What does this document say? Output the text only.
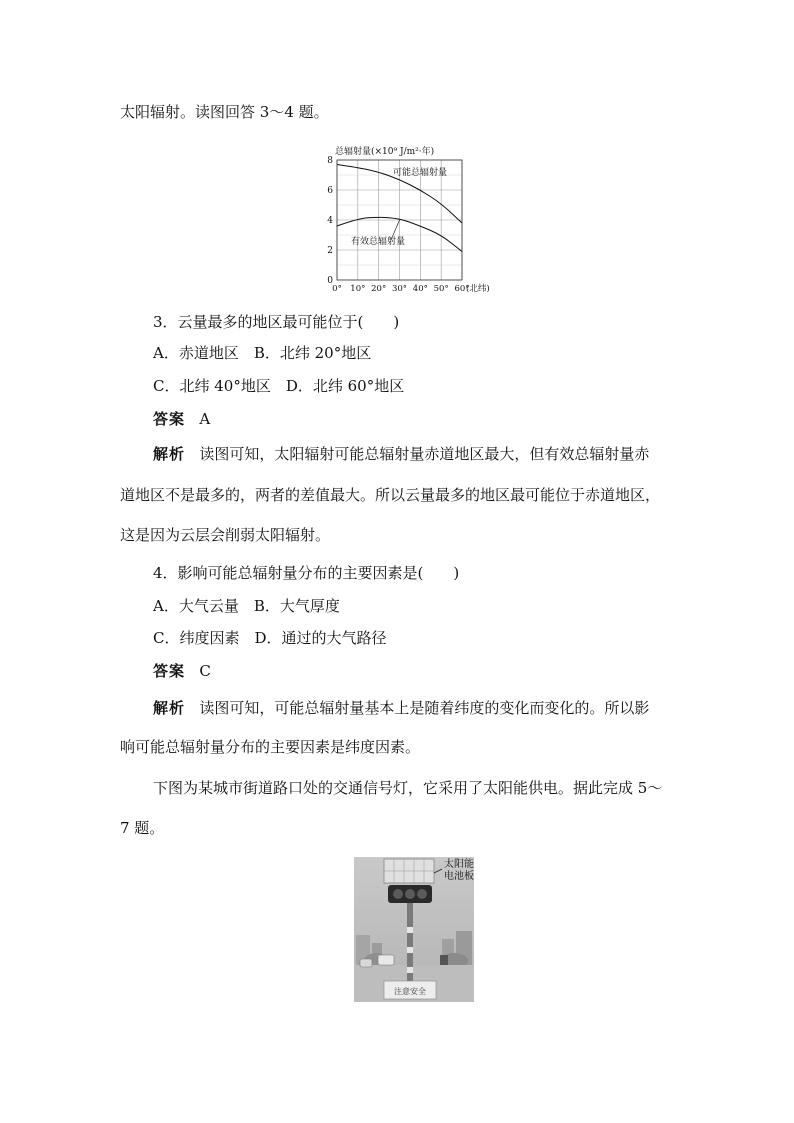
太阳辐射。读图回答 3～4 题。
可能总辐射量
有效总辐射量
0
2
4
6
8
0° 10° 20° 30° 40° 50° 60°
(北纬)
总辐射量(×10⁹ J/m²·年)
3．云量最多的地区最可能位于(　　)
A．赤道地区　B．北纬 20°地区
C．北纬 40°地区　D．北纬 60°地区
答案 A
解析 读图可知，太阳辐射可能总辐射量赤道地区最大，但有效总辐射量赤
道地区不是最多的，两者的差值最大。所以云量最多的地区最可能位于赤道地区，
这是因为云层会削弱太阳辐射。
4．影响可能总辐射量分布的主要因素是(　　)
A．大气云量　B．大气厚度
C．纬度因素　D．通过的大气路径
答案 C
解析 读图可知，可能总辐射量基本上是随着纬度的变化而变化的。所以影
响可能总辐射量分布的主要因素是纬度因素。
下图为某城市街道路口处的交通信号灯，它采用了太阳能供电。据此完成 5～
7 题。
注意安全
太阳能
电池板
